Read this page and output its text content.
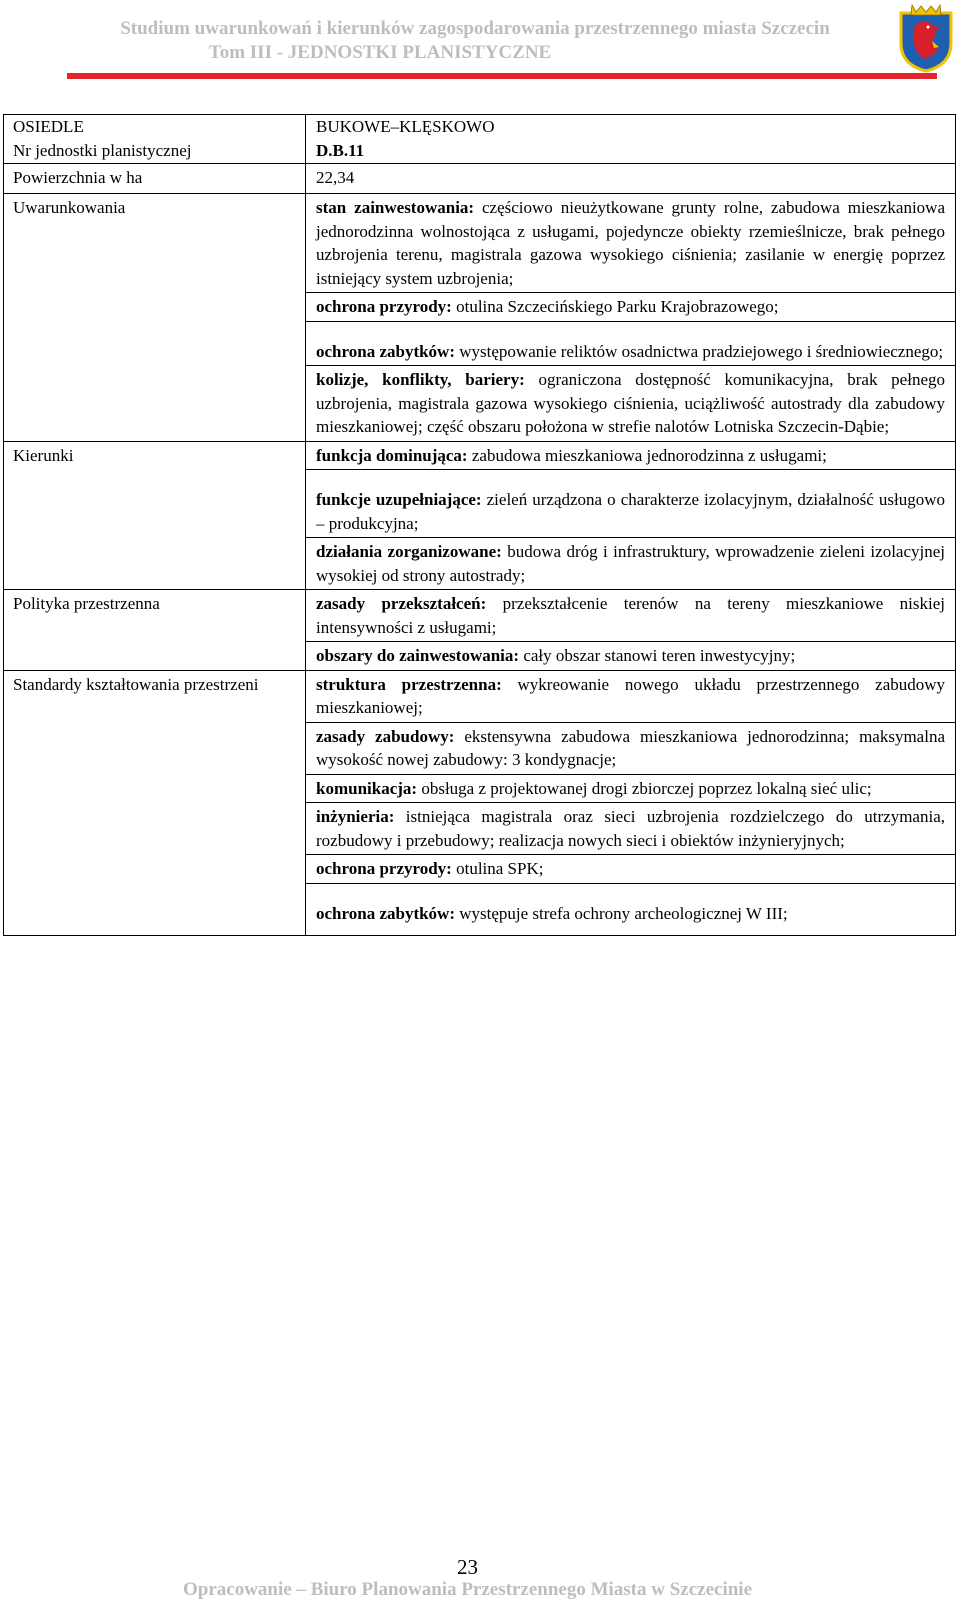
Studium uwarunkowań i kierunków zagospodarowania przestrzennego miasta Szczecin
Tom III - JEDNOSTKI PLANISTYCZNE
OSIEDLE	BUKOWE–KLĘSKOWO
Nr jednostki planistycznej	D.B.11
Powierzchnia w ha	22,34
Uwarunkowania	stan zainwestowania: częściowo nieużytkowane grunty rolne, zabudowa mieszkaniowa jednorodzinna wolnostojąca z usługami, pojedyncze obiekty rzemieślnicze, brak pełnego uzbrojenia terenu, magistrala gazowa wysokiego ciśnienia; zasilanie w energię poprzez istniejący system uzbrojenia;
	ochrona przyrody: otulina Szczecińskiego Parku Krajobrazowego;

	ochrona zabytków: występowanie reliktów osadnictwa pradziejowego i średniowiecznego;
	kolizje, konflikty, bariery: ograniczona dostępność komunikacyjna, brak pełnego uzbrojenia, magistrala gazowa wysokiego ciśnienia, uciążliwość autostrady dla zabudowy mieszkaniowej; część obszaru położona w strefie nalotów Lotniska Szczecin-Dąbie;
Kierunki	funkcja dominująca: zabudowa mieszkaniowa jednorodzinna z usługami;

	funkcje uzupełniające: zieleń urządzona o charakterze izolacyjnym, działalność usługowo – produkcyjna;
	działania zorganizowane: budowa dróg i infrastruktury, wprowadzenie zieleni izolacyjnej wysokiej od strony autostrady;
Polityka przestrzenna	zasady przekształceń: przekształcenie terenów na tereny mieszkaniowe niskiej intensywności z usługami;
	obszary do zainwestowania: cały obszar stanowi teren inwestycyjny;
Standardy kształtowania przestrzeni	struktura przestrzenna: wykreowanie nowego układu przestrzennego zabudowy mieszkaniowej;
	zasady zabudowy: ekstensywna zabudowa mieszkaniowa jednorodzinna; maksymalna wysokość nowej zabudowy: 3 kondygnacje;
	komunikacja: obsługa z projektowanej drogi zbiorczej poprzez lokalną sieć ulic;
	inżynieria: istniejąca magistrala oraz sieci uzbrojenia rozdzielczego do utrzymania, rozbudowy i przebudowy; realizacja nowych sieci i obiektów inżynieryjnych;
	ochrona przyrody: otulina SPK;

	ochrona zabytków: występuje strefa ochrony archeologicznej W III;
23
Opracowanie – Biuro Planowania Przestrzennego Miasta w Szczecinie
